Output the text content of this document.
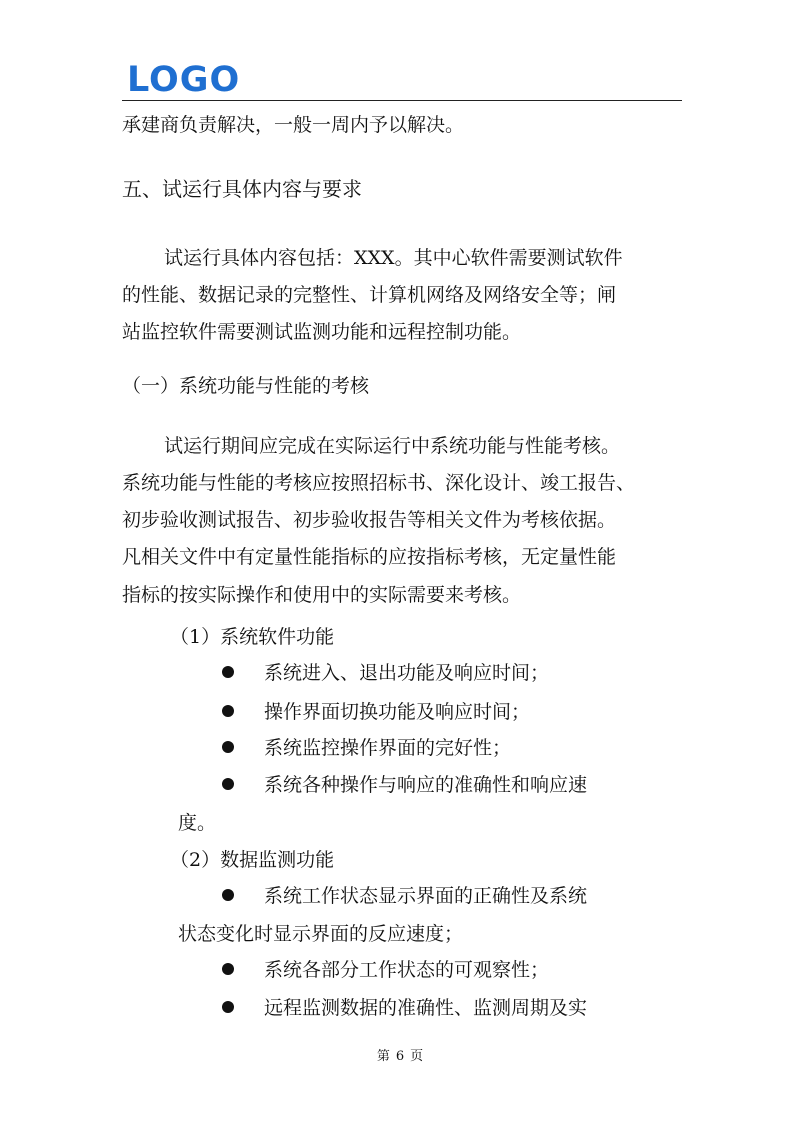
LOGO
承建商负责解决，一般一周内予以解决。
五、试运行具体内容与要求
试运行具体内容包括：XXX。其中心软件需要测试软件
的性能、数据记录的完整性、计算机网络及网络安全等；闸
站监控软件需要测试监测功能和远程控制功能。
（一）系统功能与性能的考核
试运行期间应完成在实际运行中系统功能与性能考核。
系统功能与性能的考核应按照招标书、深化设计、竣工报告、
初步验收测试报告、初步验收报告等相关文件为考核依据。
凡相关文件中有定量性能指标的应按指标考核，无定量性能
指标的按实际操作和使用中的实际需要来考核。
（1）系统软件功能
系统进入、退出功能及响应时间；
操作界面切换功能及响应时间；
系统监控操作界面的完好性；
系统各种操作与响应的准确性和响应速
度。
（2）数据监测功能
系统工作状态显示界面的正确性及系统
状态变化时显示界面的反应速度；
系统各部分工作状态的可观察性；
远程监测数据的准确性、监测周期及实
第 6 页
